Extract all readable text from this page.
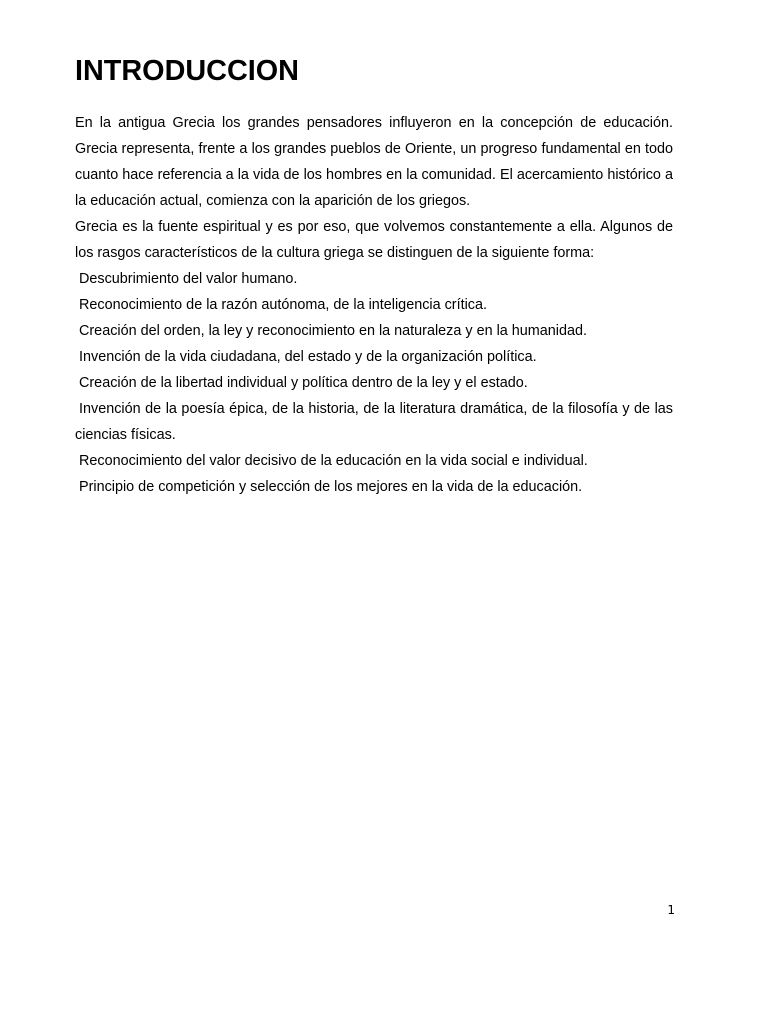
INTRODUCCION

En la antigua Grecia los grandes pensadores influyeron en la concepción de educación. Grecia representa, frente a los grandes pueblos de Oriente, un progreso fundamental en todo cuanto hace referencia a la vida de los hombres en la comunidad. El acercamiento histórico a la educación actual, comienza con la aparición de los griegos.

Grecia es la fuente espiritual y es por eso, que volvemos constantemente a ella. Algunos de los rasgos característicos de la cultura griega se distinguen de la siguiente forma:

Descubrimiento del valor humano.
Reconocimiento de la razón autónoma, de la inteligencia crítica.
Creación del orden, la ley y reconocimiento en la naturaleza y en la humanidad.
Invención de la vida ciudadana, del estado y de la organización política.
Creación de la libertad individual y política dentro de la ley y el estado.
Invención de la poesía épica, de la historia, de la literatura dramática, de la filosofía y de las ciencias físicas.
Reconocimiento del valor decisivo de la educación en la vida social e individual.
Principio de competición y selección de los mejores en la vida de la educación.
1
